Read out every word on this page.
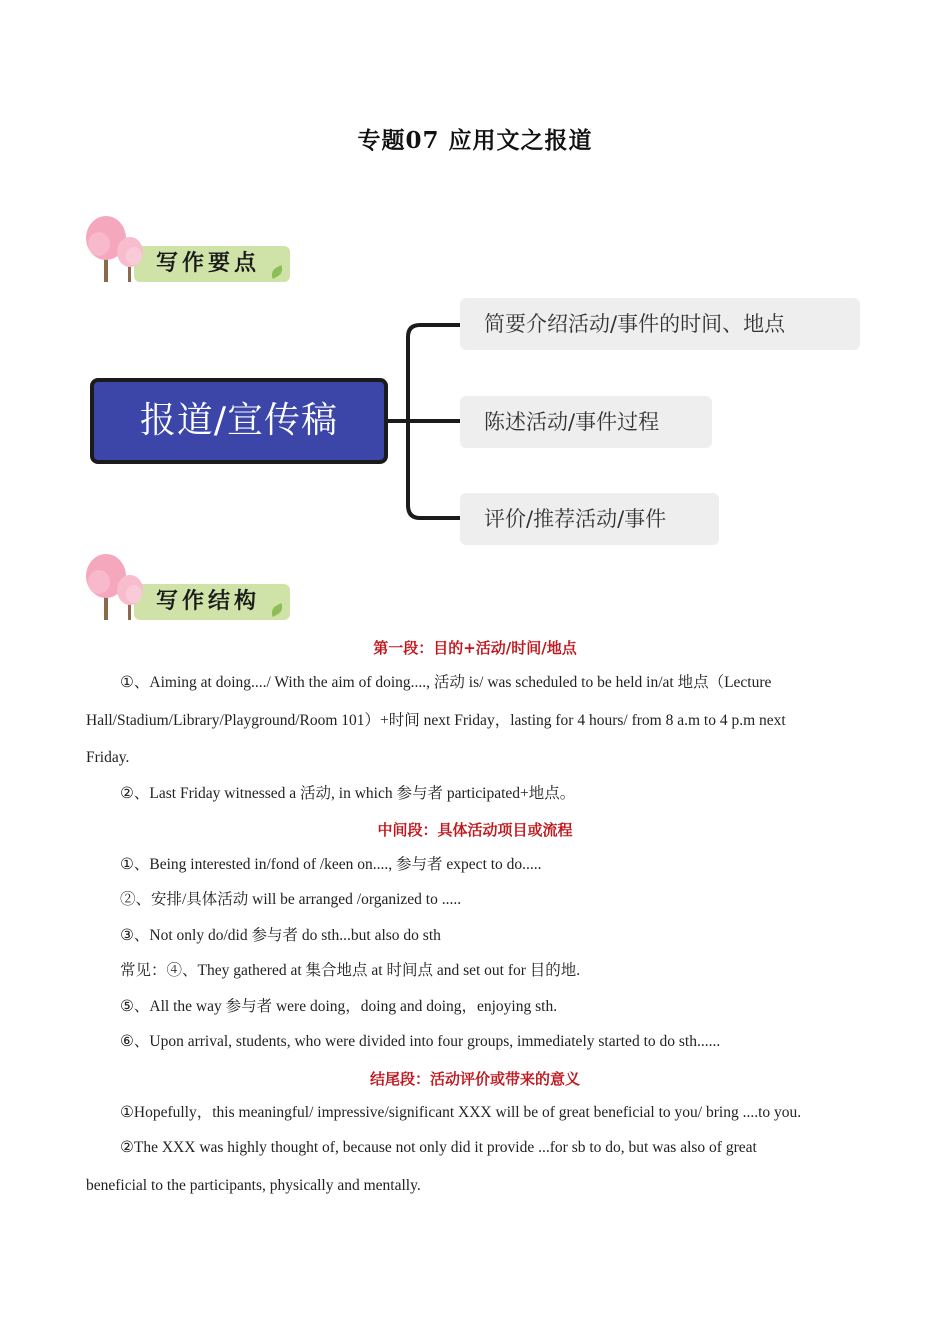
专题07 应用文之报道
写作要点
报道/宣传稿
简要介绍活动/事件的时间、地点
陈述活动/事件过程
评价/推荐活动/事件
写作结构
第一段：目的+活动/时间/地点
①、Aiming at doing..../ With the aim of doing...., 活动 is/ was scheduled to be held in/at 地点（Lecture
Hall/Stadium/Library/Playground/Room 101）+时间 next Friday，lasting for 4 hours/ from 8 a.m to 4 p.m next
Friday.
②、Last Friday witnessed a 活动, in which 参与者 participated+地点。
中间段：具体活动项目或流程
①、Being interested in/fond of /keen on...., 参与者 expect to do.....
②、安排/具体活动 will be arranged /organized to .....
③、Not only do/did 参与者 do sth...but also do sth
常见：④、They gathered at 集合地点 at 时间点 and set out for 目的地.
⑤、All the way 参与者 were doing，doing and doing，enjoying sth.
⑥、Upon arrival, students, who were divided into four groups, immediately started to do sth......
结尾段：活动评价或带来的意义
①Hopefully，this meaningful/ impressive/significant XXX will be of great beneficial to you/ bring ....to you.
②The XXX was highly thought of, because not only did it provide ...for sb to do, but was also of great
beneficial to the participants, physically and mentally.
